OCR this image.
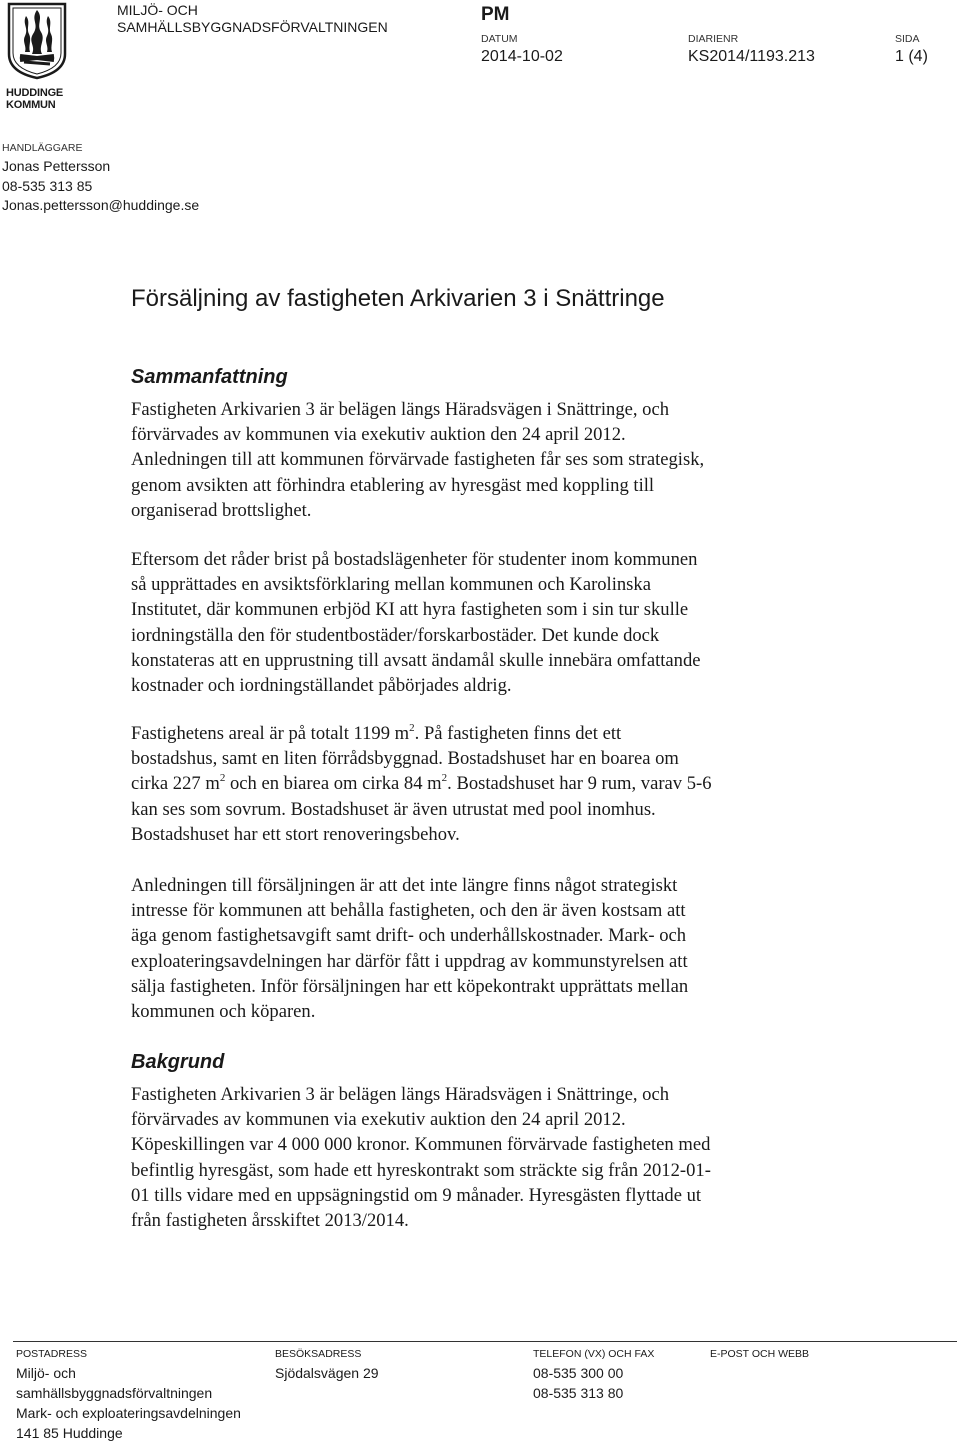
HUDDINGE
KOMMUN
MILJÖ- OCH
SAMHÄLLSBYGGNADSFÖRVALTNINGEN
PM
DATUM
2014-10-02
DIARIENR
KS2014/1193.213
SIDA
1 (4)
HANDLÄGGARE
Jonas Pettersson
08-535 313 85
Jonas.pettersson@huddinge.se
Försäljning av fastigheten Arkivarien 3 i Snättringe
Sammanfattning
Fastigheten Arkivarien 3 är belägen längs Häradsvägen i Snättringe, och
förvärvades av kommunen via exekutiv auktion den 24 april 2012.
Anledningen till att kommunen förvärvade fastigheten får ses som strategisk,
genom avsikten att förhindra etablering av hyresgäst med koppling till
organiserad brottslighet.
Eftersom det råder brist på bostadslägenheter för studenter inom kommunen
så upprättades en avsiktsförklaring mellan kommunen och Karolinska
Institutet, där kommunen erbjöd KI att hyra fastigheten som i sin tur skulle
iordningställa den för studentbostäder/forskarbostäder. Det kunde dock
konstateras att en upprustning till avsatt ändamål skulle innebära omfattande
kostnader och iordningställandet påbörjades aldrig.
Fastighetens areal är på totalt 1199 $m^2$. På fastigheten finns det ett
bostadshus, samt en liten förrådsbyggnad. Bostadshuset har en boarea om
cirka 227 $m^2$ och en biarea om cirka 84 $m^2$. Bostadshuset har 9 rum, varav 5-6
kan ses som sovrum. Bostadshuset är även utrustat med pool inomhus.
Bostadshuset har ett stort renoveringsbehov.
Anledningen till försäljningen är att det inte längre finns något strategiskt
intresse för kommunen att behålla fastigheten, och den är även kostsam att
äga genom fastighetsavgift samt drift- och underhållskostnader. Mark- och
exploateringsavdelningen har därför fått i uppdrag av kommunstyrelsen att
sälja fastigheten. Inför försäljningen har ett köpekontrakt upprättats mellan
kommunen och köparen.
Bakgrund
Fastigheten Arkivarien 3 är belägen längs Häradsvägen i Snättringe, och
förvärvades av kommunen via exekutiv auktion den 24 april 2012.
Köpeskillingen var 4 000 000 kronor. Kommunen förvärvade fastigheten med
befintlig hyresgäst, som hade ett hyreskontrakt som sträckte sig från 2012-01-
01 tills vidare med en uppsägningstid om 9 månader. Hyresgästen flyttade ut
från fastigheten årsskiftet 2013/2014.
POSTADRESS
Miljö- och
samhällsbyggnadsförvaltningen
Mark- och exploateringsavdelningen
141 85 Huddinge
BESÖKSADRESS
Sjödalsvägen 29
TELEFON (VX) OCH FAX
08-535 300 00
08-535 313 80
E-POST OCH WEBB
